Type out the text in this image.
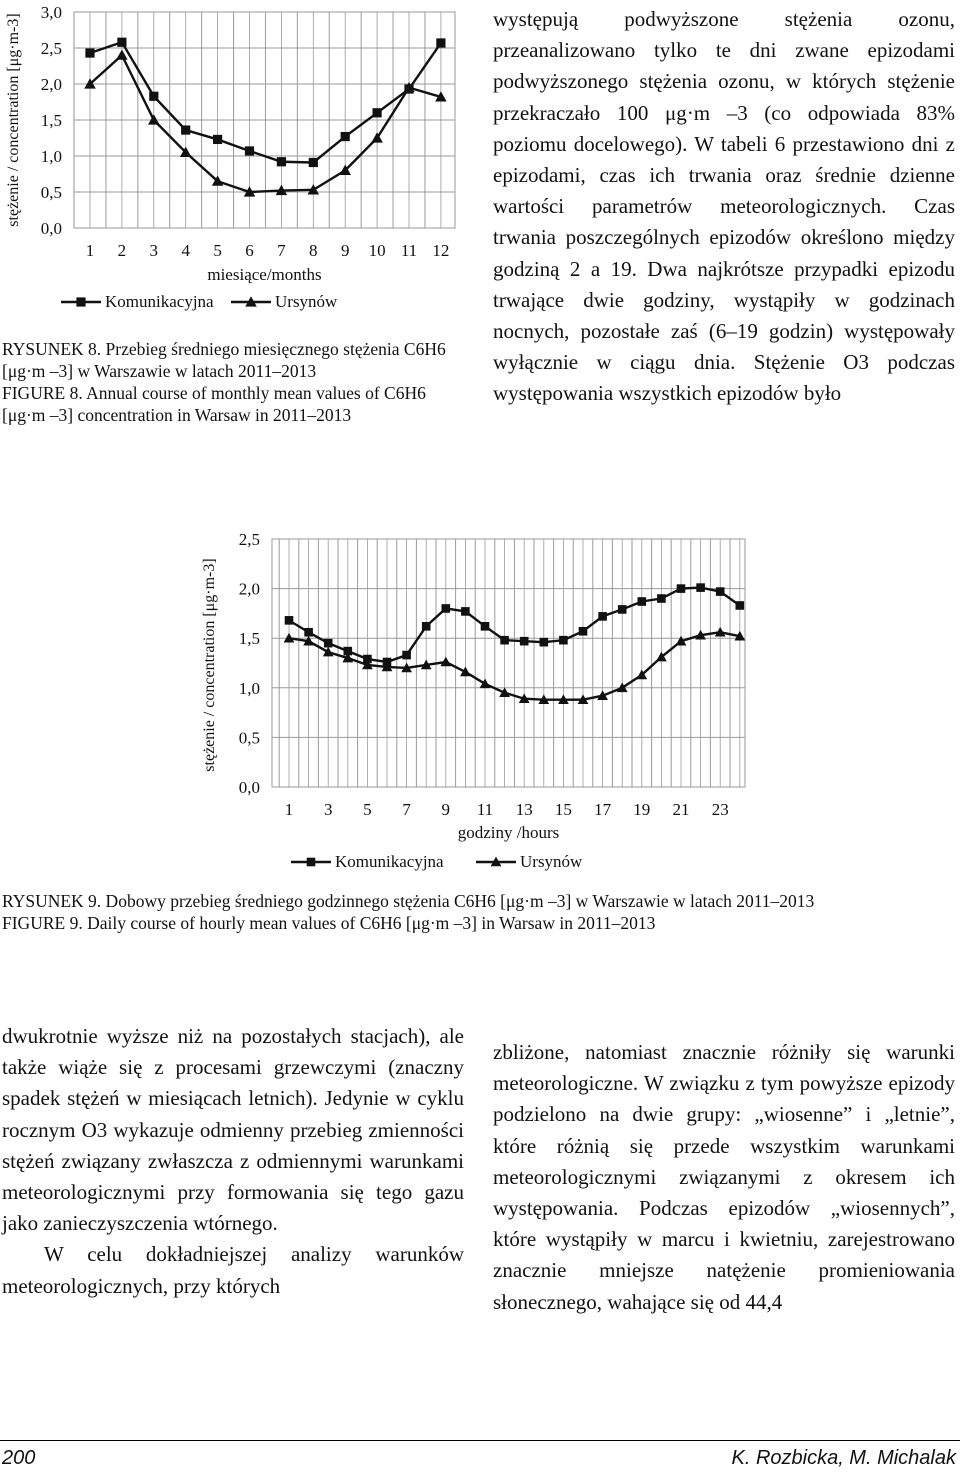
występują podwyższone stężenia ozonu, przeanalizowano tylko te dni zwane epizodami podwyższonego stężenia ozonu, w których stężenie przekraczało 100 μg·m –3 (co odpowiada 83% poziomu docelowego). W tabeli 6 przestawiono dni z epizodami, czas ich trwania oraz średnie dzienne wartości parametrów meteorologicznych. Czas trwania poszczególnych epizodów określono między godziną 2 a 19. Dwa najkrótsze przypadki epizodu trwające dwie godziny, wystąpiły w godzinach nocnych, pozostałe zaś (6–19 godzin) występowały wyłącznie w ciągu dnia. Stężenie O3 podczas występowania wszystkich epizodów było

0,0
0,5
1,0
1,5
2,0
2,5
3,0
1 2 3 4 5 6 7 8 9 10 11 12
miesiące/months
stężenie / concentration [μg·m-3]
Komunikacyjna	Ursynów

RYSUNEK 8. Przebieg średniego miesięcznego stężenia C6H6 [μg·m –3] w Warszawie w latach 2011–2013

FIGURE 8. Annual course of monthly mean values of C6H6 [μg·m –3] concentration in Warsaw in 2011–2013

0,0
0,5
1,0
1,5
2,0
2,5
1 3 5 7 9 11 13 15 17 19 21 23
godziny /hours
stężenie / concentration [μg·m-3]
Komunikacyjna	Ursynów

RYSUNEK 9. Dobowy przebieg średniego godzinnego stężenia C6H6 [μg·m –3] w Warszawie w latach 2011–2013

FIGURE 9. Daily course of hourly mean values of C6H6 [μg·m –3] in Warsaw in 2011–2013

dwukrotnie wyższe niż na pozostałych stacjach), ale także wiąże się z procesami grzewczymi (znaczny spadek stężeń w miesiącach letnich). Jedynie w cyklu rocznym O3 wykazuje odmienny przebieg zmienności stężeń związany zwłaszcza z odmiennymi warunkami meteorologicznymi przy formowania się tego gazu jako zanieczyszczenia wtórnego.

W celu dokładniejszej analizy warunków meteorologicznych, przy których

zbliżone, natomiast znacznie różniły się warunki meteorologiczne. W związku z tym powyższe epizody podzielono na dwie grupy: „wiosenne” i „letnie”, które różnią się przede wszystkim warunkami meteorologicznymi związanymi z okresem ich występowania. Podczas epizodów „wiosennych”, które wystąpiły w marcu i kwietniu, zarejestrowano znacznie mniejsze natężenie promieniowania słonecznego, wahające się od 44,4

200	K. Rozbicka, M. Michalak
